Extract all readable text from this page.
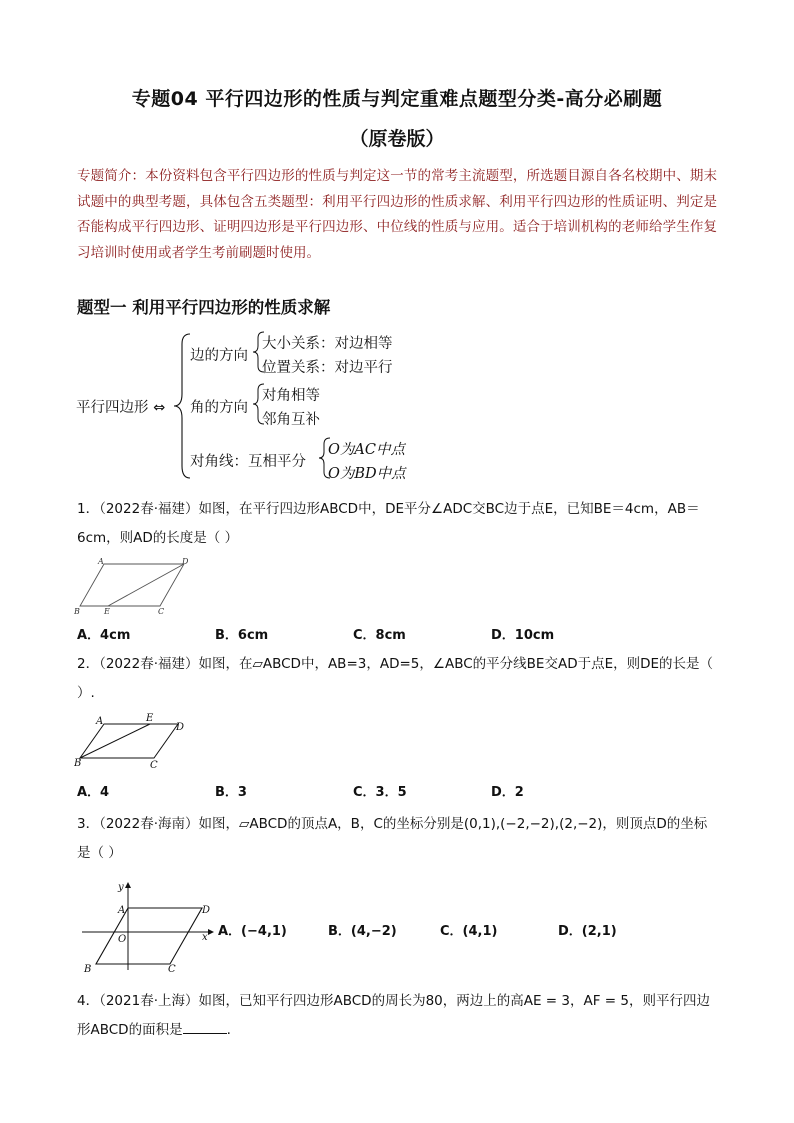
专题04 平行四边形的性质与判定重难点题型分类-高分必刷题
（原卷版）
专题简介：本份资料包含平行四边形的性质与判定这一节的常考主流题型，所选题目源自各名校期中、期末试题中的典型考题，具体包含五类题型：利用平行四边形的性质求解、利用平行四边形的性质证明、判定是否能构成平行四边形、证明四边形是平行四边形、中位线的性质与应用。适合于培训机构的老师给学生作复习培训时使用或者学生考前刷题时使用。
题型一 利用平行四边形的性质求解
平行四边形 ⇔
边的方向
大小关系：对边相等
位置关系：对边平行
角的方向
对角相等
邻角互补
对角线：互相平分
O为AC中点
O为BD中点
1．（2022春·福建）如图，在平行四边形ABCD中，DE平分∠ADC交BC边于点E，已知BE＝4cm，AB＝6cm，则AD的长度是（ ）
A	D
B	E	C
A．4cm	B．6cm	C．8cm	D．10cm
2．（2022春·福建）如图，在▱ABCD中，AB=3，AD=5，∠ABC的平分线BE交AD于点E，则DE的长是（ ）.
A	E
D
B	C
A．4	B．3	C．3．5	D．2
3．（2022春·海南）如图，▱ABCD的顶点A，B，C的坐标分别是(0,1),(−2,−2),(2,−2)，则顶点D的坐标是（ ）
y
x
A	D
O
B	C
A．(−4,1)	B．(4,−2)	C．(4,1)	D．(2,1)
4．（2021春·上海）如图，已知平行四边形ABCD的周长为80，两边上的高AE = 3，AF = 5，则平行四边形ABCD的面积是	.
